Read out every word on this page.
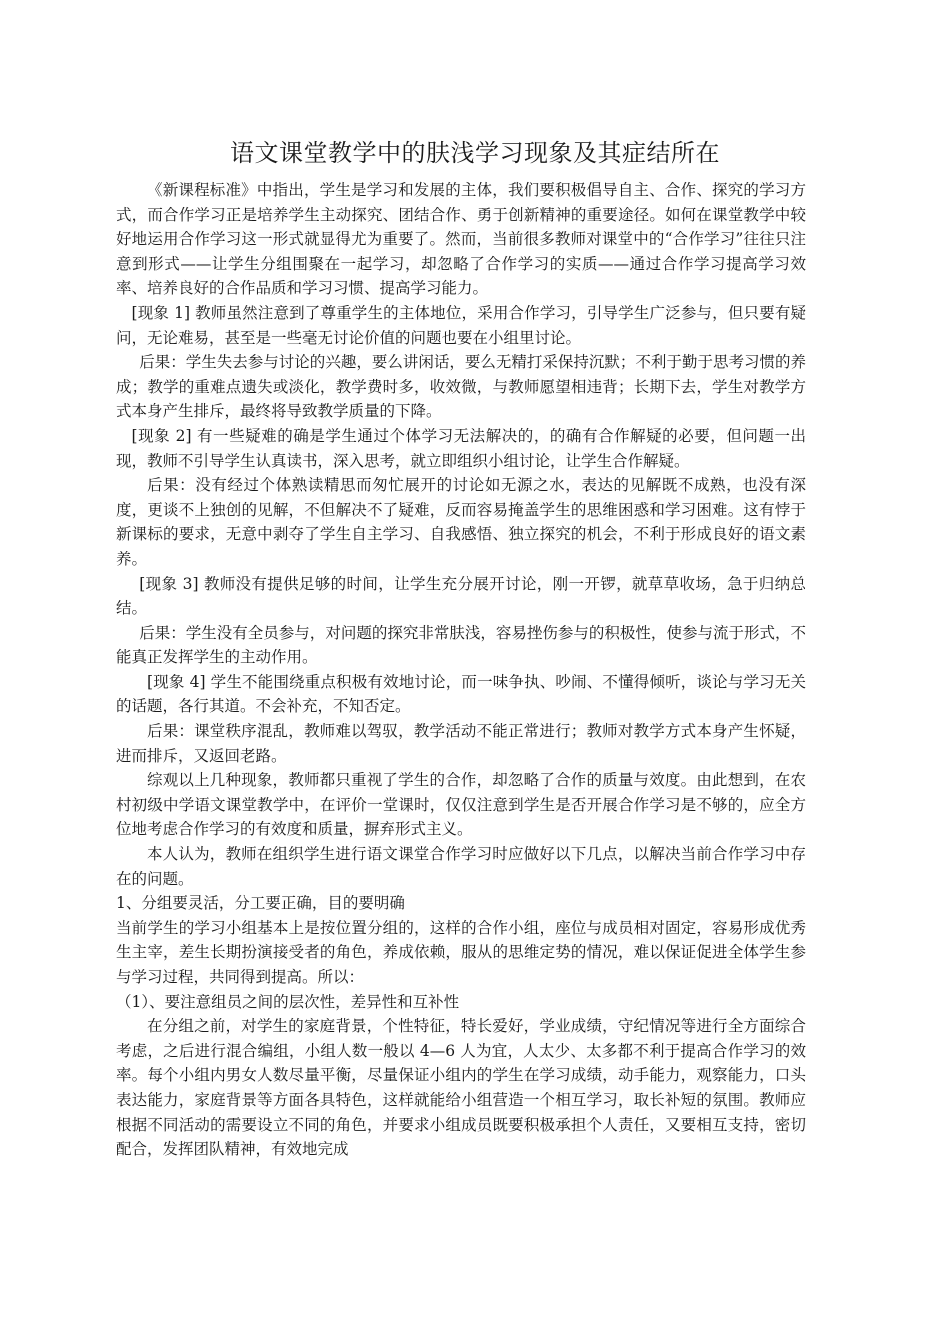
语文课堂教学中的肤浅学习现象及其症结所在

《新课程标准》中指出，学生是学习和发展的主体，我们要积极倡导自主、合作、探究的学习方式，而合作学习正是培养学生主动探究、团结合作、勇于创新精神的重要途径。如何在课堂教学中较好地运用合作学习这一形式就显得尤为重要了。然而，当前很多教师对课堂中的“合作学习”往往只注意到形式——让学生分组围聚在一起学习，却忽略了合作学习的实质——通过合作学习提高学习效率、培养良好的合作品质和学习习惯、提高学习能力。

[现象 1] 教师虽然注意到了尊重学生的主体地位，采用合作学习，引导学生广泛参与，但只要有疑问，无论难易，甚至是一些毫无讨论价值的问题也要在小组里讨论。

后果：学生失去参与讨论的兴趣，要么讲闲话，要么无精打采保持沉默；不利于勤于思考习惯的养成；教学的重难点遗失或淡化，教学费时多，收效微，与教师愿望相违背；长期下去，学生对教学方式本身产生排斥，最终将导致教学质量的下降。

[现象 2] 有一些疑难的确是学生通过个体学习无法解决的，的确有合作解疑的必要，但问题一出现，教师不引导学生认真读书，深入思考，就立即组织小组讨论，让学生合作解疑。

后果：没有经过个体熟读精思而匆忙展开的讨论如无源之水，表达的见解既不成熟，也没有深度，更谈不上独创的见解，不但解决不了疑难，反而容易掩盖学生的思维困惑和学习困难。这有悖于新课标的要求，无意中剥夺了学生自主学习、自我感悟、独立探究的机会，不利于形成良好的语文素养。

[现象 3] 教师没有提供足够的时间，让学生充分展开讨论，刚一开锣，就草草收场，急于归纳总结。

后果：学生没有全员参与，对问题的探究非常肤浅，容易挫伤参与的积极性，使参与流于形式，不能真正发挥学生的主动作用。

[现象 4] 学生不能围绕重点积极有效地讨论，而一味争执、吵闹、不懂得倾听，谈论与学习无关的话题，各行其道。不会补充，不知否定。

后果：课堂秩序混乱，教师难以驾驭，教学活动不能正常进行；教师对教学方式本身产生怀疑，进而排斥，又返回老路。

综观以上几种现象，教师都只重视了学生的合作，却忽略了合作的质量与效度。由此想到，在农村初级中学语文课堂教学中，在评价一堂课时，仅仅注意到学生是否开展合作学习是不够的，应全方位地考虑合作学习的有效度和质量，摒弃形式主义。

本人认为，教师在组织学生进行语文课堂合作学习时应做好以下几点，以解决当前合作学习中存在的问题。

1、分组要灵活，分工要正确，目的要明确

当前学生的学习小组基本上是按位置分组的，这样的合作小组，座位与成员相对固定，容易形成优秀生主宰，差生长期扮演接受者的角色，养成依赖，服从的思维定势的情况，难以保证促进全体学生参与学习过程，共同得到提高。所以：

（1）、要注意组员之间的层次性，差异性和互补性

在分组之前，对学生的家庭背景，个性特征，特长爱好，学业成绩，守纪情况等进行全方面综合考虑，之后进行混合编组，小组人数一般以 4—6 人为宜，人太少、太多都不利于提高合作学习的效率。每个小组内男女人数尽量平衡，尽量保证小组内的学生在学习成绩，动手能力，观察能力，口头表达能力，家庭背景等方面各具特色，这样就能给小组营造一个相互学习，取长补短的氛围。教师应根据不同活动的需要设立不同的角色，并要求小组成员既要积极承担个人责任，又要相互支持，密切配合，发挥团队精神，有效地完成
